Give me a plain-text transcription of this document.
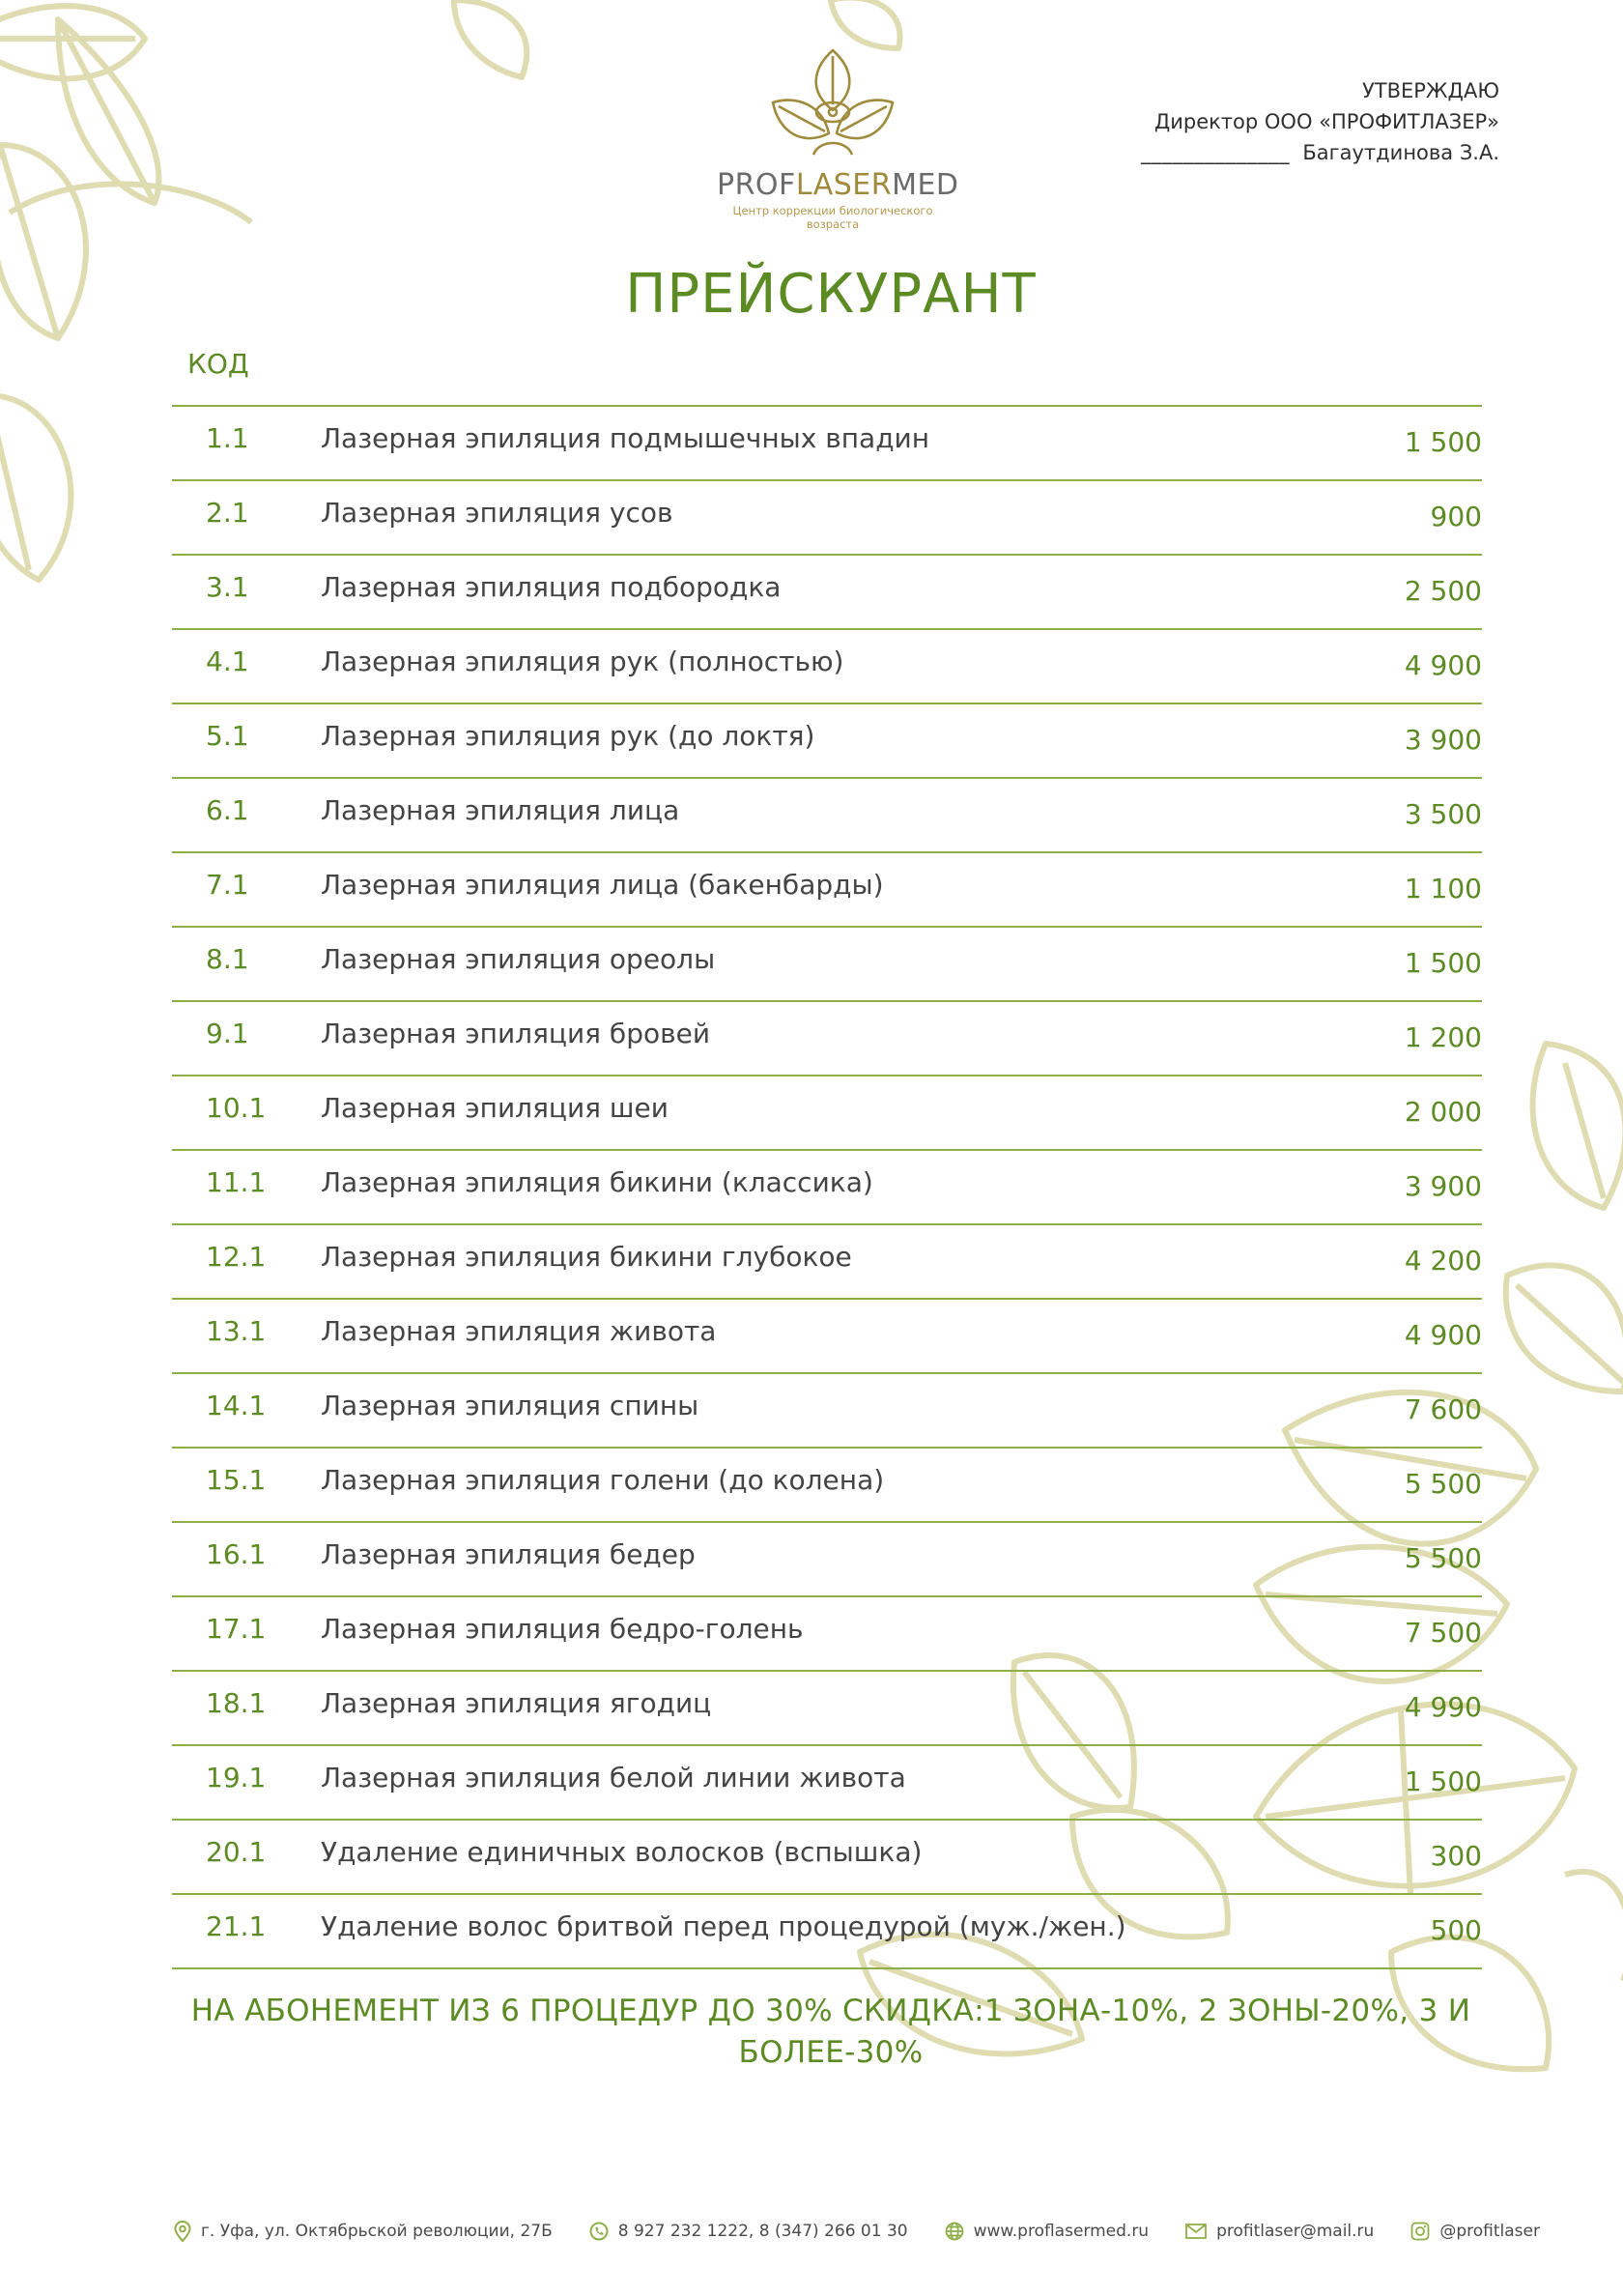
УТВЕРЖДАЮ
Директор ООО «ПРОФИТЛАЗЕР»
______________ Багаутдинова З.А.
PROFLASERMED
Центр коррекции биологического
возраста
ПРЕЙСКУРАНТ
КОД
1.1	Лазерная эпиляция подмышечных впадин	1 500
2.1	Лазерная эпиляция усов	900
3.1	Лазерная эпиляция подбородка	2 500
4.1	Лазерная эпиляция рук (полностью)	4 900
5.1	Лазерная эпиляция рук (до локтя)	3 900
6.1	Лазерная эпиляция лица	3 500
7.1	Лазерная эпиляция лица (бакенбарды)	1 100
8.1	Лазерная эпиляция ореолы	1 500
9.1	Лазерная эпиляция бровей	1 200
10.1 Лазерная эпиляция шеи	2 000
11.1 Лазерная эпиляция бикини (классика)	3 900
12.1 Лазерная эпиляция бикини глубокое	4 200
13.1 Лазерная эпиляция живота	4 900
14.1 Лазерная эпиляция спины	7 600
15.1 Лазерная эпиляция голени (до колена)	5 500
16.1 Лазерная эпиляция бедер	5 500
17.1 Лазерная эпиляция бедро-голень	7 500
18.1 Лазерная эпиляция ягодиц	4 990
19.1 Лазерная эпиляция белой линии живота	1 500
20.1 Удаление единичных волосков (вспышка)	300
21.1 Удаление волос бритвой перед процедурой (муж./жен.)	500
НА АБОНЕМЕНТ ИЗ 6 ПРОЦЕДУР ДО 30% СКИДКА:1 ЗОНА-10%, 2 ЗОНЫ-20%, 3 И
БОЛЕЕ-30%
г. Уфа, ул. Октябрьской революции, 27Б	8 927 232 1222, 8 (347) 266 01 30	www.proflasermed.ru	profitlaser@mail.ru	@profitlaser
